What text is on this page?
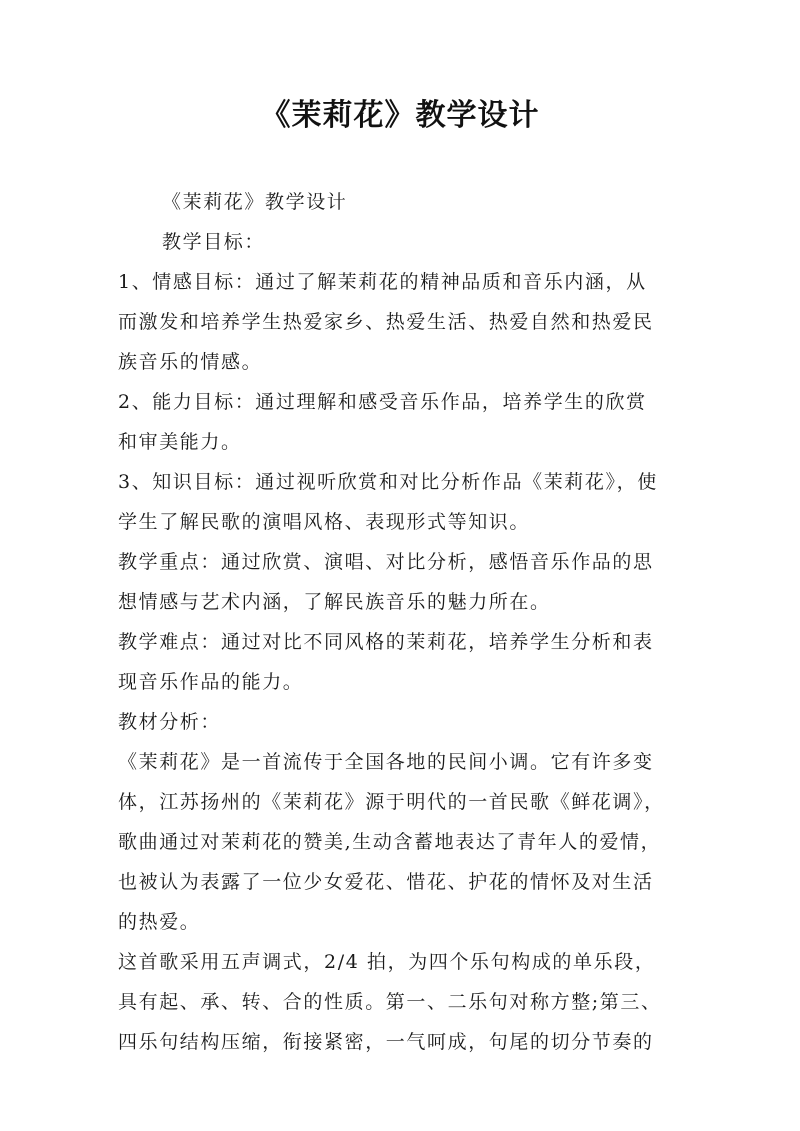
《茉莉花》教学设计
《茉莉花》教学设计
教学目标：
1、情感目标：通过了解茉莉花的精神品质和音乐内涵，从
而激发和培养学生热爱家乡、热爱生活、热爱自然和热爱民
族音乐的情感。
2、能力目标：通过理解和感受音乐作品，培养学生的欣赏
和审美能力。
3、知识目标：通过视听欣赏和对比分析作品《茉莉花》，使
学生了解民歌的演唱风格、表现形式等知识。
教学重点：通过欣赏、演唱、对比分析，感悟音乐作品的思
想情感与艺术内涵，了解民族音乐的魅力所在。
教学难点：通过对比不同风格的茉莉花，培养学生分析和表
现音乐作品的能力。
教材分析：
《茉莉花》是一首流传于全国各地的民间小调。它有许多变
体，江苏扬州的《茉莉花》源于明代的一首民歌《鲜花调》，
歌曲通过对茉莉花的赞美,生动含蓄地表达了青年人的爱情，
也被认为表露了一位少女爱花、惜花、护花的情怀及对生活
的热爱。
这首歌采用五声调式，2/4 拍，为四个乐句构成的单乐段，
具有起、承、转、合的性质。第一、二乐句对称方整;第三、
四乐句结构压缩，衔接紧密，一气呵成，句尾的切分节奏的
